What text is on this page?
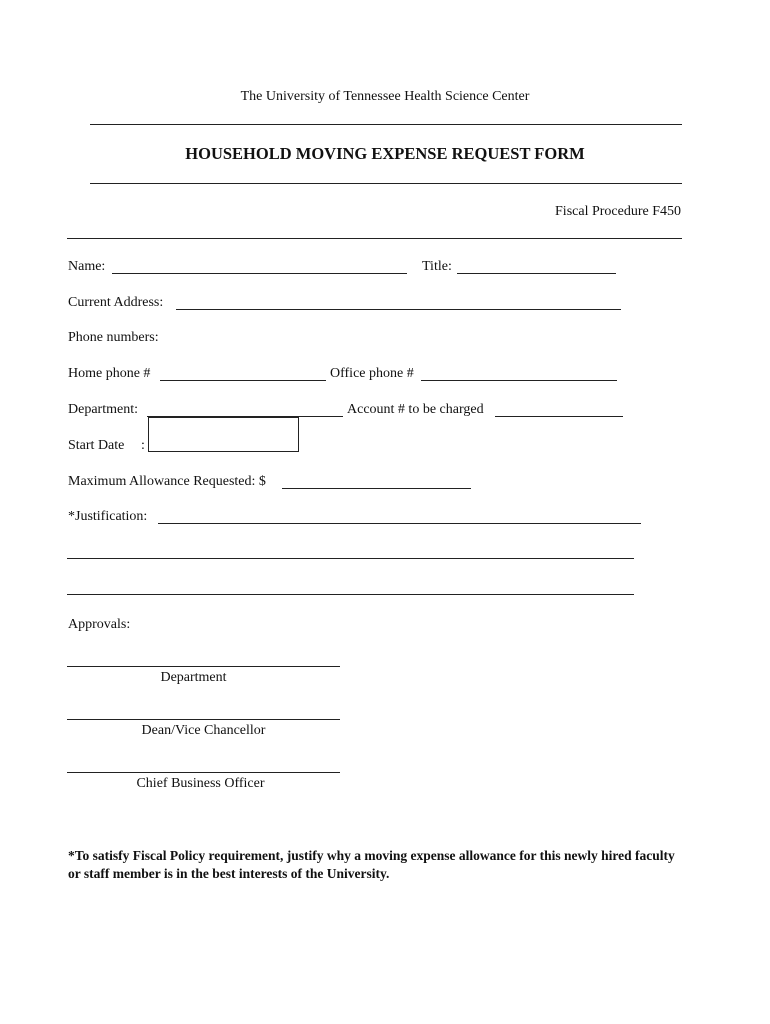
The University of Tennessee Health Science Center
HOUSEHOLD MOVING EXPENSE REQUEST FORM
Fiscal Procedure F450
Name:	Title:
Current Address:
Phone numbers:
Home phone #	Office phone #
Department:	Account # to be charged
Start Date :
Maximum Allowance Requested: $
*Justification:
Approvals:
Department
Dean/Vice Chancellor
Chief Business Officer
*To satisfy Fiscal Policy requirement, justify why a moving expense allowance for this newly hired faculty or staff member is in the best interests of the University.
